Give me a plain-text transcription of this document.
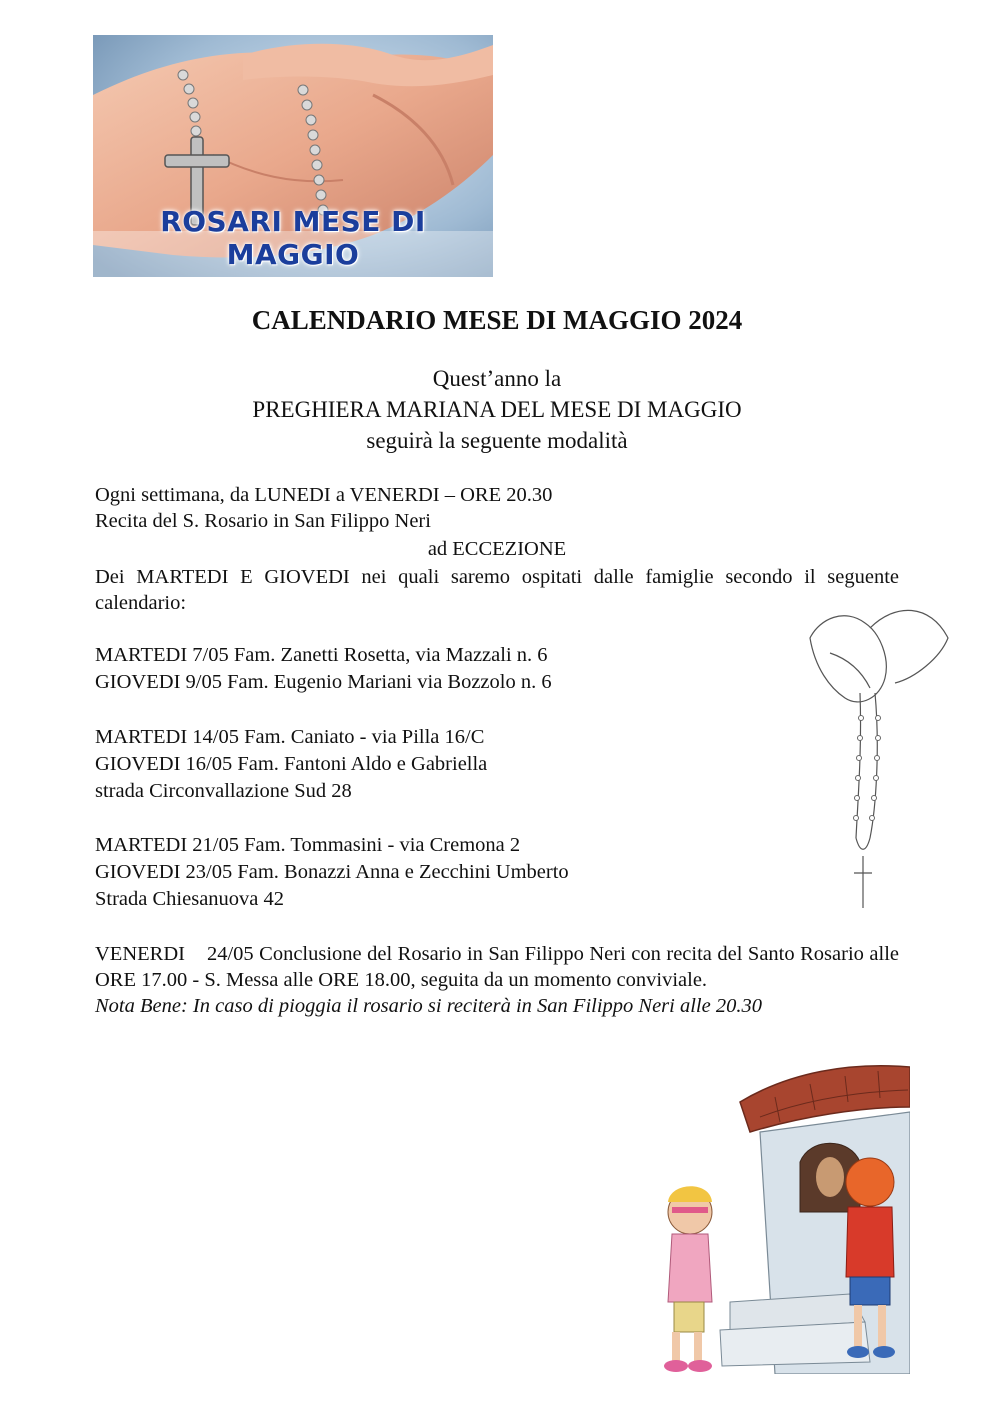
ROSARI MESE DI MAGGIO
CALENDARIO MESE DI MAGGIO 2024
Quest’anno la
PREGHIERA MARIANA DEL MESE DI MAGGIO
seguirà la seguente modalità
Ogni settimana, da LUNEDI a VENERDI – ORE 20.30
Recita del S. Rosario in San Filippo Neri
ad ECCEZIONE
Dei MARTEDI E GIOVEDI nei quali saremo ospitati dalle famiglie secondo il seguente calendario:
MARTEDI 7/05 Fam. Zanetti Rosetta, via Mazzali n. 6
GIOVEDI 9/05 Fam. Eugenio Mariani via Bozzolo n. 6
MARTEDI 14/05 Fam. Caniato - via Pilla 16/C
GIOVEDI 16/05 Fam. Fantoni Aldo e Gabriella
strada Circonvallazione Sud 28
MARTEDI 21/05 Fam. Tommasini - via Cremona 2
GIOVEDI 23/05 Fam. Bonazzi Anna e Zecchini Umberto
Strada Chiesanuova 42
VENERDI    24/05 Conclusione del Rosario in San Filippo Neri con recita del Santo Rosario alle ORE 17.00 - S. Messa alle ORE 18.00, seguita da un momento conviviale.
Nota Bene: In caso di pioggia il rosario si reciterà in San Filippo Neri alle 20.30
